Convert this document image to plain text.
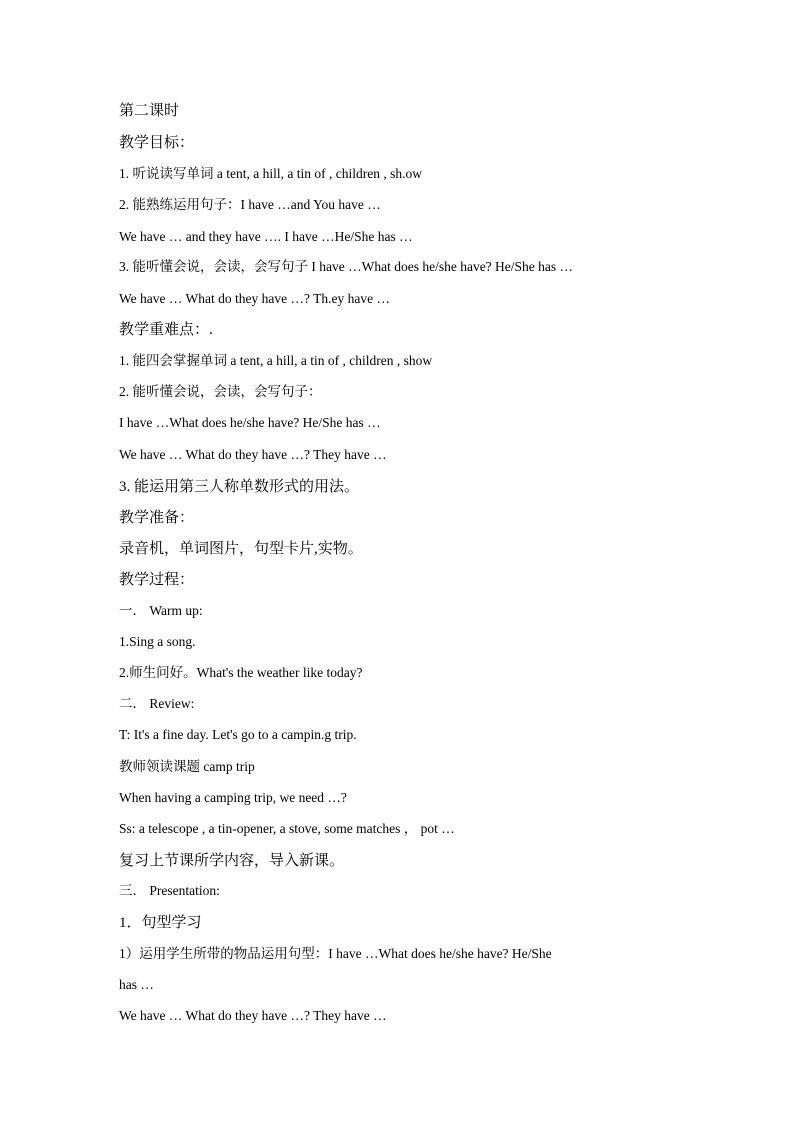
第二课时
教学目标：
1. 听说读写单词 a tent, a hill, a tin of , children , sh.ow
2. 能熟练运用句子：I have …and You have …
We have … and they have …. I have …He/She has …
3. 能听懂会说，会读，会写句子 I have …What does he/she have? He/She has …
We have … What do they have …? Th.ey have …
教学重难点：.
1. 能四会掌握单词 a tent, a hill, a tin of , children , show
2. 能听懂会说，会读，会写句子：
I have …What does he/she have? He/She has …
We have … What do they have …? They have …
3. 能运用第三人称单数形式的用法。
教学准备：
录音机，单词图片，句型卡片,实物。
教学过程：
一． Warm up:
1.Sing a song.
2.师生问好。What's the weather like today?
二． Review:
T: It's a fine day. Let's go to a campin.g trip.
教师领读课题 camp trip
When having a camping trip, we need …?
Ss: a telescope , a tin-opener, a stove, some matches ， pot …
复习上节课所学内容，导入新课。
三． Presentation:
1．句型学习
1）运用学生所带的物品运用句型：I have …What does he/she have? He/She
has …
We have … What do they have …? They have …
